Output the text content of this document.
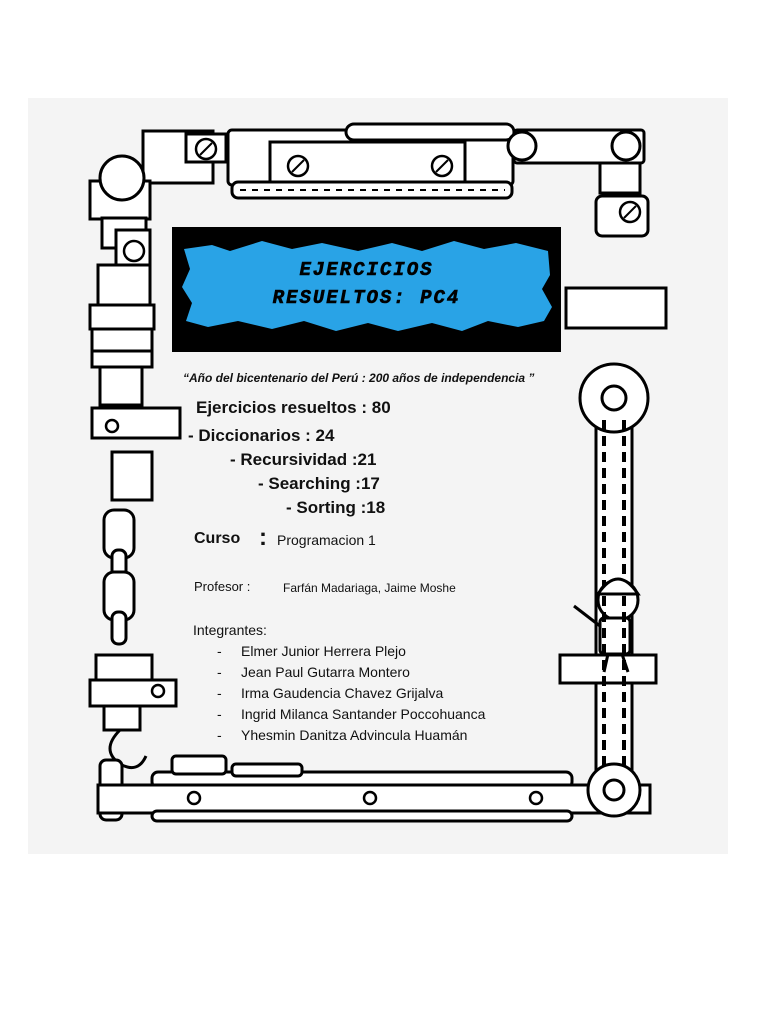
EJERCICIOS
RESUELTOS: PC4
“Año del bicentenario del Perú : 200 años de independencia ”
Ejercicios resueltos : 80
- Diccionarios : 24
- Recursividad :21
- Searching :17
- Sorting :18
Curso : Programacion 1
Profesor :	Farfán Madariaga, Jaime Moshe
Integrantes:
- Elmer Junior Herrera Plejo
- Jean Paul Gutarra Montero
- Irma Gaudencia Chavez Grijalva
- Ingrid Milanca Santander Poccohuanca
- Yhesmin Danitza Advincula Huamán
